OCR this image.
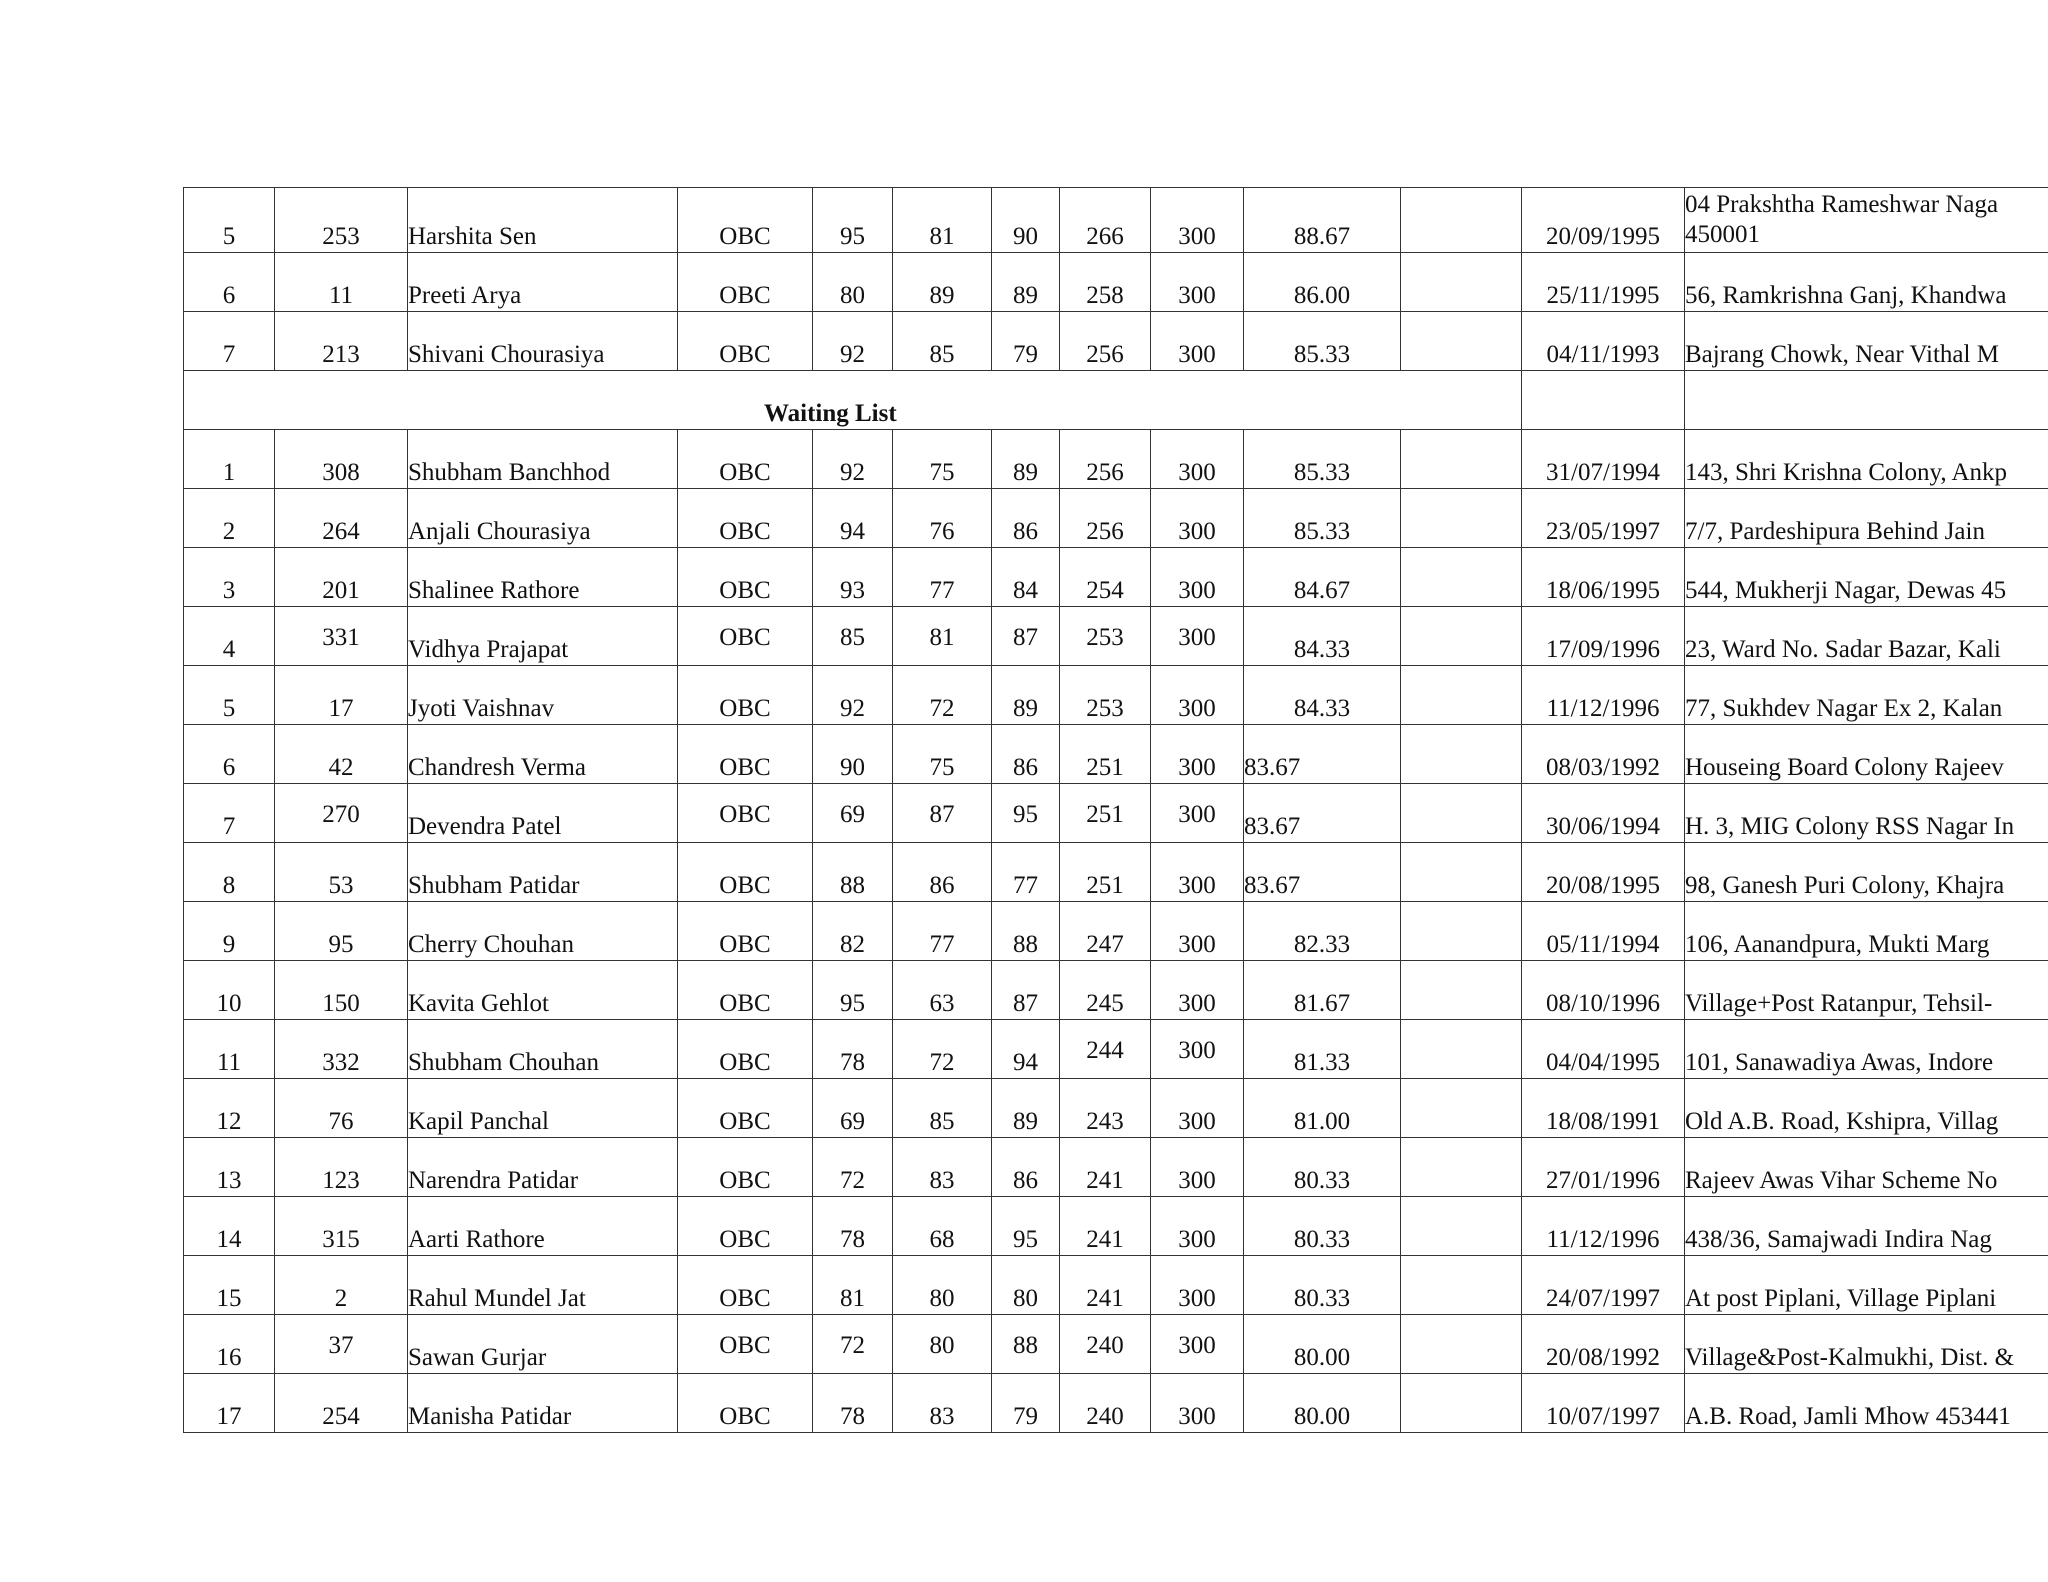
5	253	Harshita Sen	OBC	95	81	90	266	300	88.67		20/09/1995	04 Prakshtha Rameshwar Naga
450001
6	11	Preeti Arya	OBC	80	89	89	258	300	86.00		25/11/1995	56, Ramkrishna Ganj, Khandwa
7	213	Shivani Chourasiya	OBC	92	85	79	256	300	85.33		04/11/1993	Bajrang Chowk, Near Vithal M
Waiting List												
1	308	Shubham Banchhod	OBC	92	75	89	256	300	85.33		31/07/1994	143, Shri Krishna Colony, Ankp
2	264	Anjali Chourasiya	OBC	94	76	86	256	300	85.33		23/05/1997	7/7, Pardeshipura Behind Jain
3	201	Shalinee Rathore	OBC	93	77	84	254	300	84.67		18/06/1995	544, Mukherji Nagar, Dewas 45
4	331	Vidhya Prajapat	OBC	85	81	87	253	300	84.33		17/09/1996	23, Ward No. Sadar Bazar, Kali
5	17	Jyoti Vaishnav	OBC	92	72	89	253	300	84.33		11/12/1996	77, Sukhdev Nagar Ex 2, Kalan
6	42	Chandresh Verma	OBC	90	75	86	251	300	83.67		08/03/1992	Houseing Board Colony Rajeev
7	270	Devendra Patel	OBC	69	87	95	251	300	83.67		30/06/1994	H. 3, MIG Colony RSS Nagar In
8	53	Shubham Patidar	OBC	88	86	77	251	300	83.67		20/08/1995	98, Ganesh Puri Colony, Khajra
9	95	Cherry Chouhan	OBC	82	77	88	247	300	82.33		05/11/1994	106, Aanandpura, Mukti Marg
10	150	Kavita Gehlot	OBC	95	63	87	245	300	81.67		08/10/1996	Village+Post Ratanpur, Tehsil-
11	332	Shubham Chouhan	OBC	78	72	94	244	300	81.33		04/04/1995	101, Sanawadiya Awas, Indore
12	76	Kapil Panchal	OBC	69	85	89	243	300	81.00		18/08/1991	Old A.B. Road, Kshipra, Villag
13	123	Narendra Patidar	OBC	72	83	86	241	300	80.33		27/01/1996	Rajeev Awas Vihar Scheme No
14	315	Aarti Rathore	OBC	78	68	95	241	300	80.33		11/12/1996	438/36, Samajwadi Indira Nag
15	2	Rahul Mundel Jat	OBC	81	80	80	241	300	80.33		24/07/1997	At post Piplani, Village Piplani
16	37	Sawan Gurjar	OBC	72	80	88	240	300	80.00		20/08/1992	Village&Post-Kalmukhi, Dist. &
17	254	Manisha Patidar	OBC	78	83	79	240	300	80.00		10/07/1997	A.B. Road, Jamli Mhow 453441
